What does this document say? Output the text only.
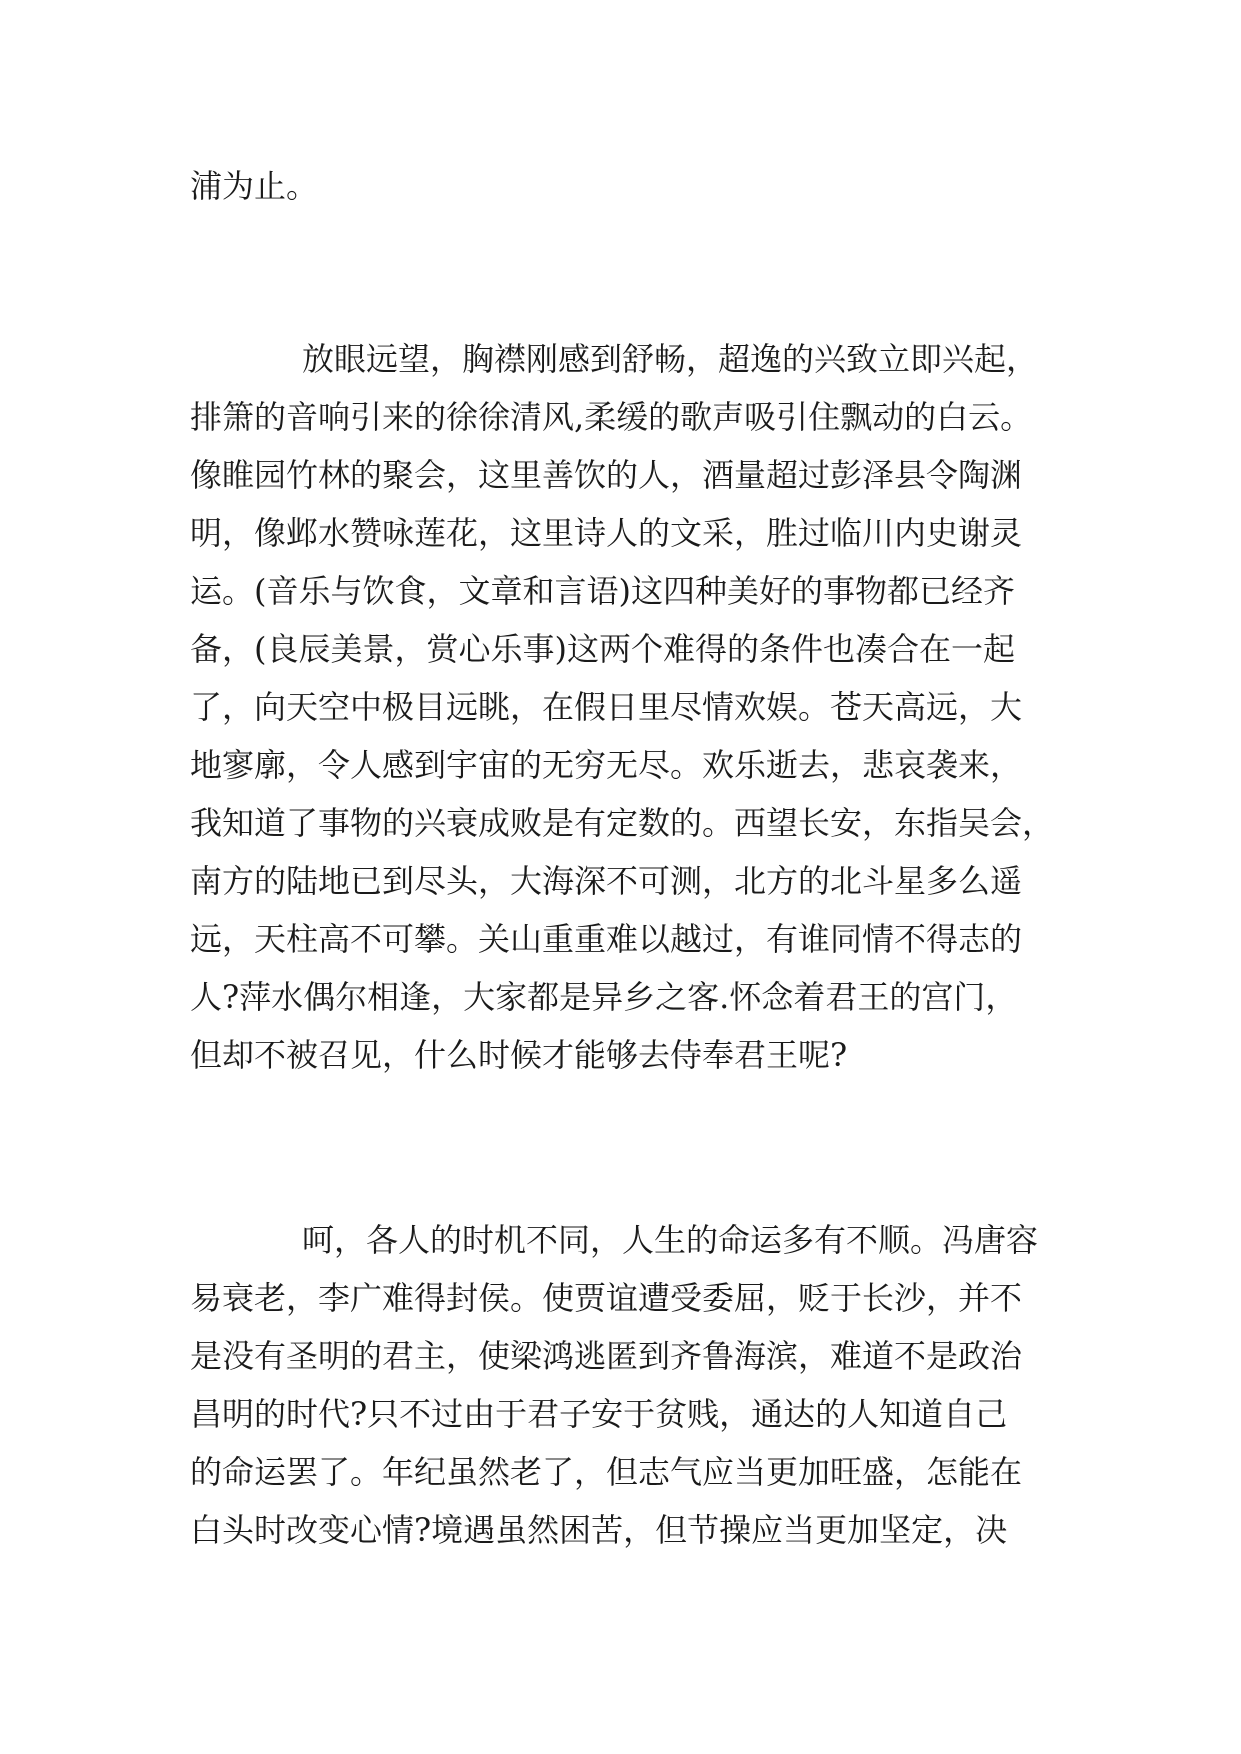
浦为止。

放眼远望，胸襟刚感到舒畅，超逸的兴致立即兴起，
排箫的音响引来的徐徐清风,柔缓的歌声吸引住飘动的白云。
像睢园竹林的聚会，这里善饮的人，酒量超过彭泽县令陶渊
明，像邺水赞咏莲花，这里诗人的文采，胜过临川内史谢灵
运。(音乐与饮食，文章和言语)这四种美好的事物都已经齐
备，(良辰美景，赏心乐事)这两个难得的条件也凑合在一起
了，向天空中极目远眺，在假日里尽情欢娱。苍天高远，大
地寥廓，令人感到宇宙的无穷无尽。欢乐逝去，悲哀袭来，
我知道了事物的兴衰成败是有定数的。西望长安，东指吴会，
南方的陆地已到尽头，大海深不可测，北方的北斗星多么遥
远，天柱高不可攀。关山重重难以越过，有谁同情不得志的
人?萍水偶尔相逢，大家都是异乡之客.怀念着君王的宫门，
但却不被召见，什么时候才能够去侍奉君王呢?

呵，各人的时机不同，人生的命运多有不顺。冯唐容
易衰老，李广难得封侯。使贾谊遭受委屈，贬于长沙，并不
是没有圣明的君主，使梁鸿逃匿到齐鲁海滨，难道不是政治
昌明的时代?只不过由于君子安于贫贱，通达的人知道自己
的命运罢了。年纪虽然老了，但志气应当更加旺盛，怎能在
白头时改变心情?境遇虽然困苦，但节操应当更加坚定，决
